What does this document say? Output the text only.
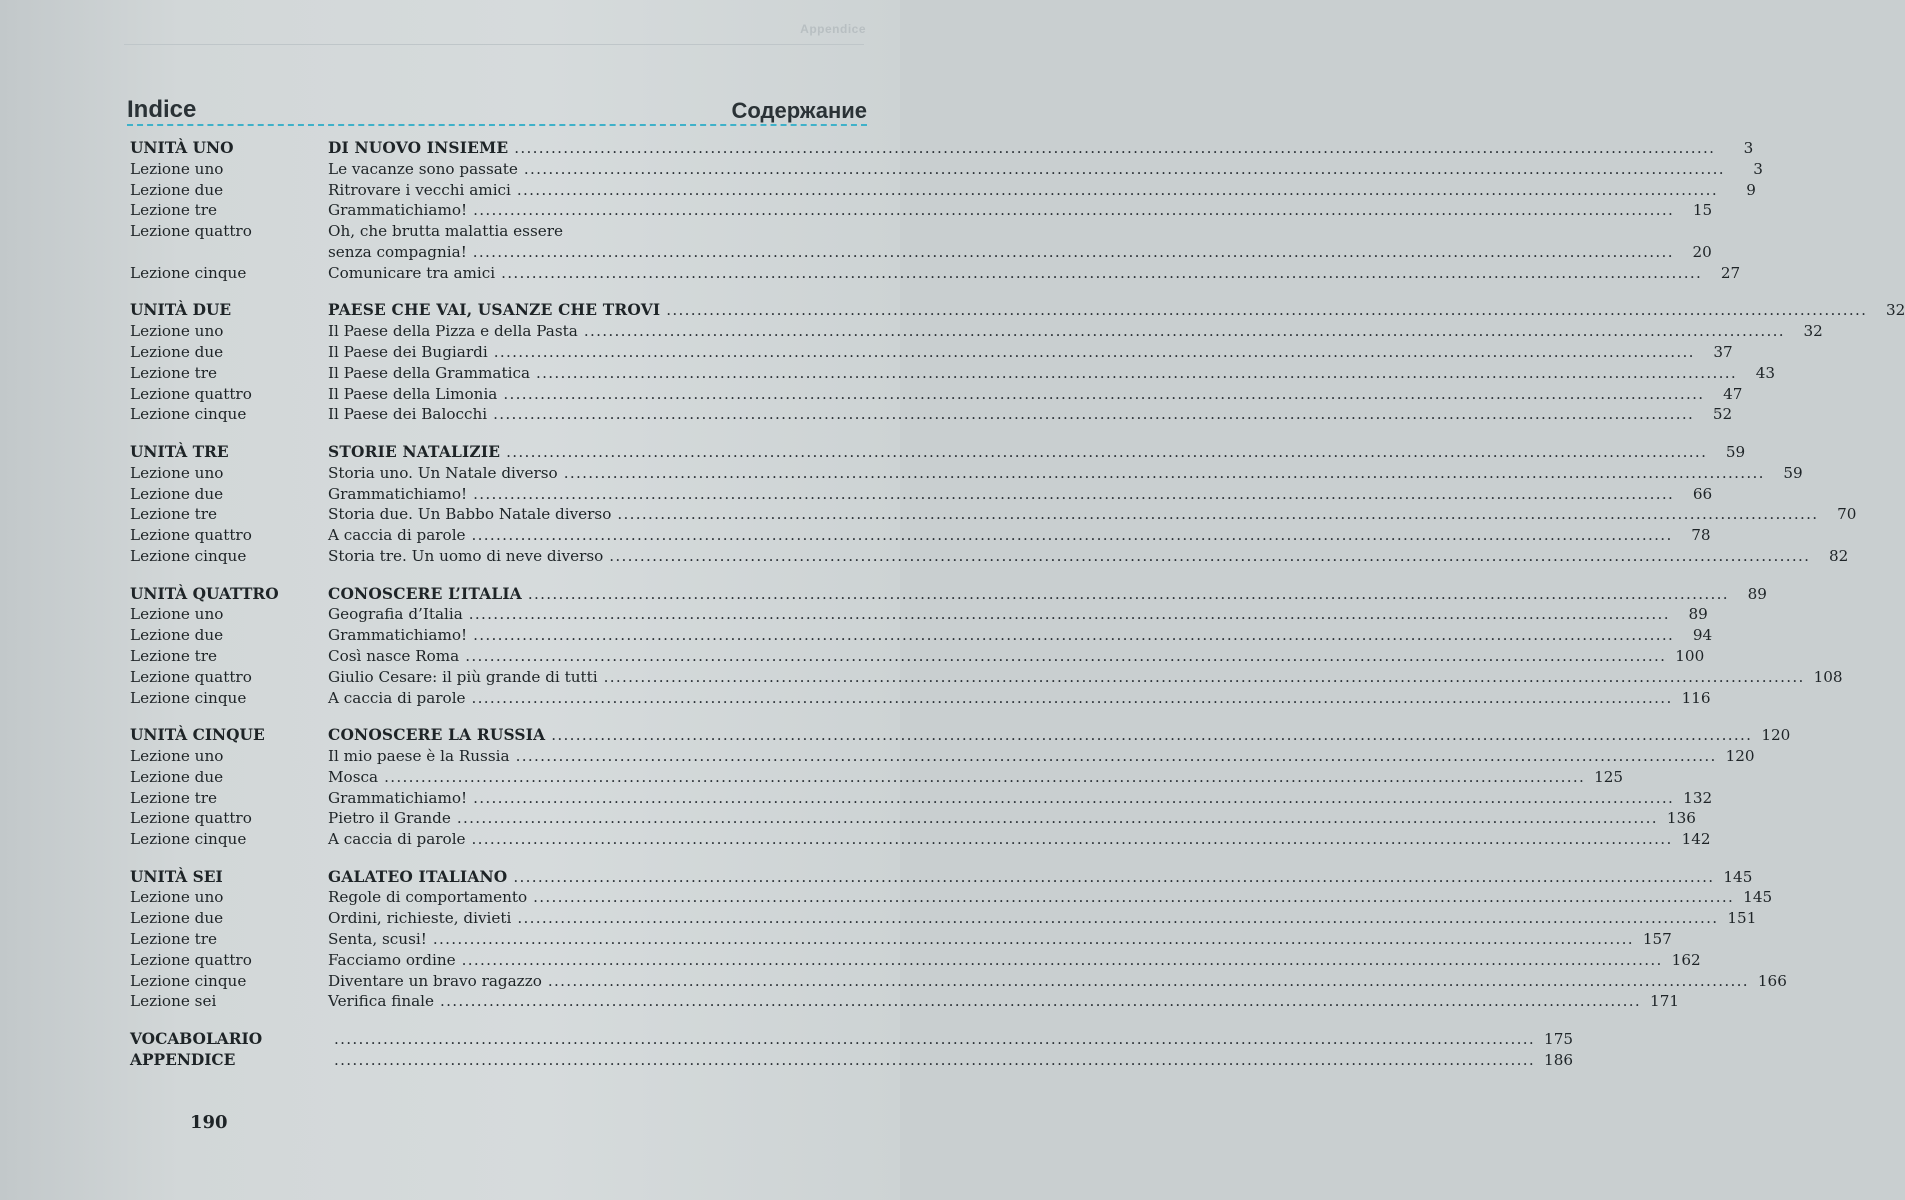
Appendice
Indice	Содержание
UNITÀ UNO	DI NUOVO INSIEME .....	3
Lezione uno	Le vacanze sono passate .....	3
Lezione due	Ritrovare i vecchi amici .....	9
Lezione tre	Grammatichiamo! .....	15
Lezione quattro	Oh, che brutta malattia essere
senza compagnia! .....	20
Lezione cinque	Comunicare tra amici .....	27
UNITÀ DUE	PAESE CHE VAI, USANZE CHE TROVI .....	32
Lezione uno	Il Paese della Pizza e della Pasta .....	32
Lezione due	Il Paese dei Bugiardi .....	37
Lezione tre	Il Paese della Grammatica .....	43
Lezione quattro	Il Paese della Limonia .....	47
Lezione cinque	Il Paese dei Balocchi .....	52
UNITÀ TRE	STORIE NATALIZIE .....	59
Lezione uno	Storia uno. Un Natale diverso .....	59
Lezione due	Grammatichiamo! .....	66
Lezione tre	Storia due. Un Babbo Natale diverso .....	70
Lezione quattro	A caccia di parole .....	78
Lezione cinque	Storia tre. Un uomo di neve diverso .....	82
UNITÀ QUATTRO	CONOSCERE L’ITALIA .....	89
Lezione uno	Geografia d’Italia .....	89
Lezione due	Grammatichiamo! .....	94
Lezione tre	Così nasce Roma .....	100
Lezione quattro	Giulio Cesare: il più grande di tutti .....	108
Lezione cinque	A caccia di parole .....	116
UNITÀ CINQUE	CONOSCERE LA RUSSIA .....	120
Lezione uno	Il mio paese è la Russia .....	120
Lezione due	Mosca .....	125
Lezione tre	Grammatichiamo! .....	132
Lezione quattro	Pietro il Grande .....	136
Lezione cinque	A caccia di parole .....	142
UNITÀ SEI	GALATEO ITALIANO .....	145
Lezione uno	Regole di comportamento .....	145
Lezione due	Ordini, richieste, divieti .....	151
Lezione tre	Senta, scusi! .....	157
Lezione quattro	Facciamo ordine .....	162
Lezione cinque	Diventare un bravo ragazzo .....	166
Lezione sei	Verifica finale .....	171
VOCABOLARIO .....	175
APPENDICE .....	186
190
